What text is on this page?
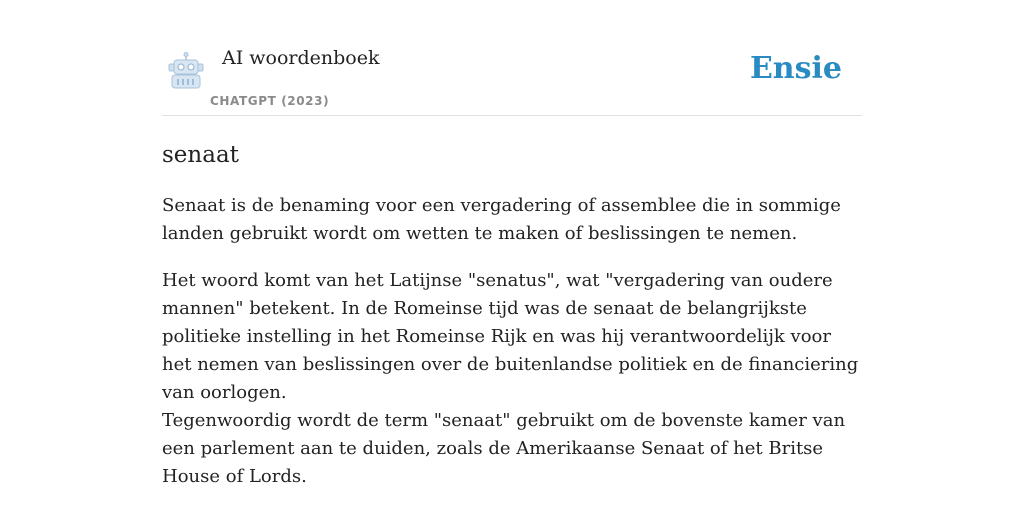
AI woordenboek
CHATGPT (2023)
Ensie
senaat

Senaat is de benaming voor een vergadering of assemblee die in sommige landen gebruikt wordt om wetten te maken of beslissingen te nemen.

Het woord komt van het Latijnse "senatus", wat "vergadering van oudere mannen" betekent. In de Romeinse tijd was de senaat de belangrijkste politieke instelling in het Romeinse Rijk en was hij verantwoordelijk voor het nemen van beslissingen over de buitenlandse politiek en de financiering van oorlogen.

Tegenwoordig wordt de term "senaat" gebruikt om de bovenste kamer van een parlement aan te duiden, zoals de Amerikaanse Senaat of het Britse House of Lords.
